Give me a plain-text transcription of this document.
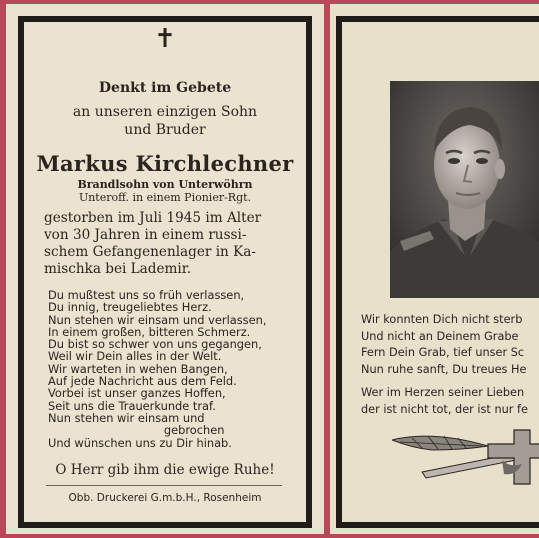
✝
Denkt im Gebete
an unseren einzigen Sohn
und Bruder
Markus Kirchlechner
Brandlsohn von Unterwöhrn
Unteroff. in einem Pionier-Rgt.
gestorben im Juli 1945 im Alter
von 30 Jahren in einem russi-
schem Gefangenenlager in Ka-
mischka bei Lademir.
Du mußtest uns so früh verlassen,
Du innig, treugeliebtes Herz.
Nun stehen wir einsam und verlassen,
In einem großen, bitteren Schmerz.
Du bist so schwer von uns gegangen,
Weil wir Dein alles in der Welt.
Wir warteten in wehen Bangen,
Auf jede Nachricht aus dem Feld.
Vorbei ist unser ganzes Hoffen,
Seit uns die Trauerkunde traf.
Nun stehen wir einsam und
gebrochen
Und wünschen uns zu Dir hinab.
O Herr gib ihm die ewige Ruhe!
Obb. Druckerei G.m.b.H., Rosenheim
Wir konnten Dich nicht sterb
Und nicht an Deinem Grabe
Fern Dein Grab, tief unser Sc
Nun ruhe sanft, Du treues He
Wer im Herzen seiner Lieben
der ist nicht tot, der ist nur fe
